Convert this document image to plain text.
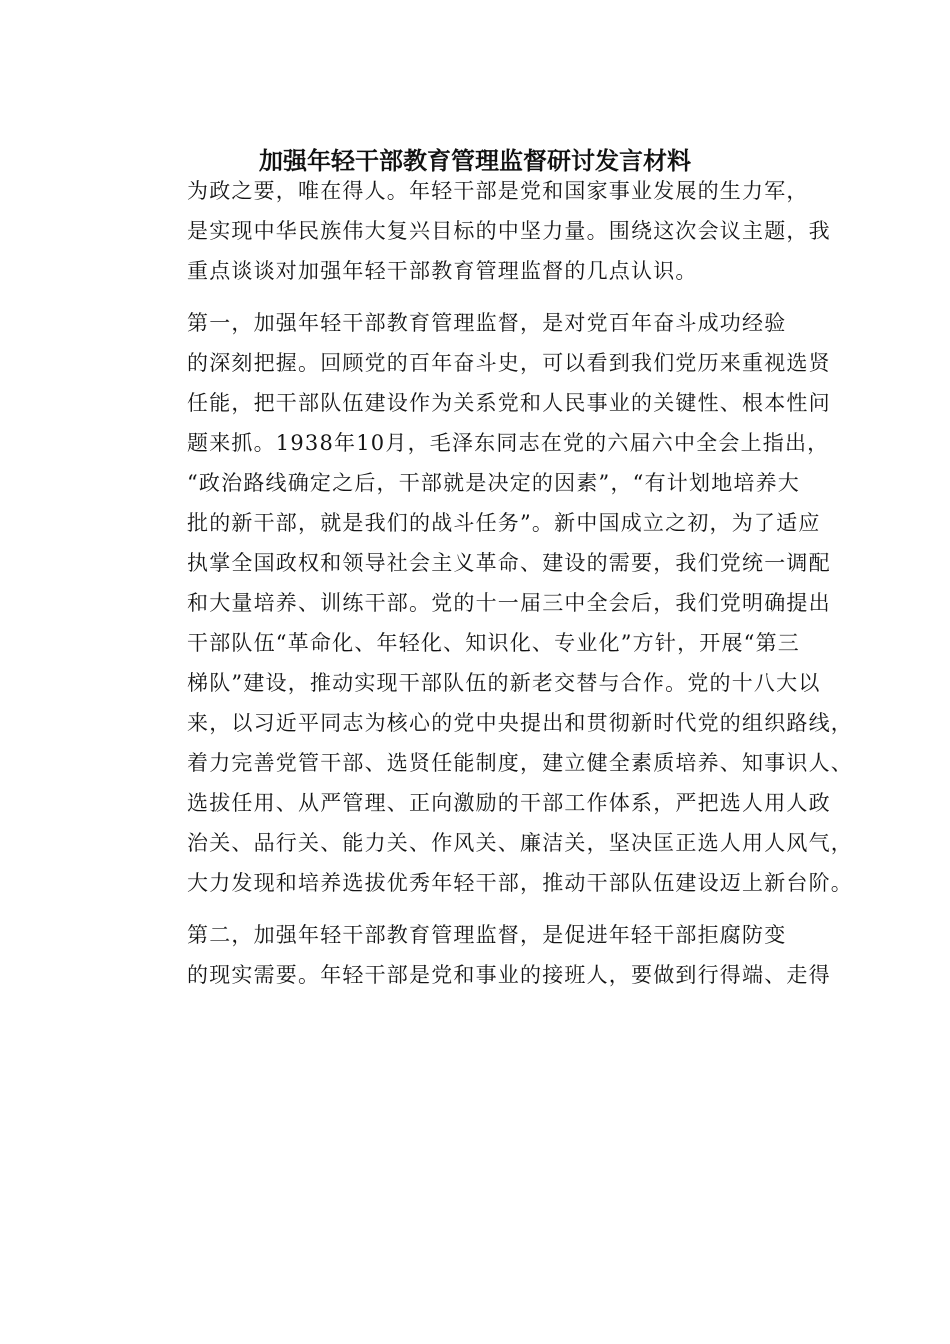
加强年轻干部教育管理监督研讨发言材料

为政之要，唯在得人。年轻干部是党和国家事业发展的生力军，
是实现中华民族伟大复兴目标的中坚力量。围绕这次会议主题，我
重点谈谈对加强年轻干部教育管理监督的几点认识。

第一，加强年轻干部教育管理监督，是对党百年奋斗成功经验
的深刻把握。回顾党的百年奋斗史，可以看到我们党历来重视选贤
任能，把干部队伍建设作为关系党和人民事业的关键性、根本性问
题来抓。1938年10月，毛泽东同志在党的六届六中全会上指出，
“政治路线确定之后，干部就是决定的因素”，“有计划地培养大
批的新干部，就是我们的战斗任务”。新中国成立之初，为了适应
执掌全国政权和领导社会主义革命、建设的需要，我们党统一调配
和大量培养、训练干部。党的十一届三中全会后，我们党明确提出
干部队伍“革命化、年轻化、知识化、专业化”方针，开展“第三
梯队”建设，推动实现干部队伍的新老交替与合作。党的十八大以
来，以习近平同志为核心的党中央提出和贯彻新时代党的组织路线，
着力完善党管干部、选贤任能制度，建立健全素质培养、知事识人、
选拔任用、从严管理、正向激励的干部工作体系，严把选人用人政
治关、品行关、能力关、作风关、廉洁关，坚决匡正选人用人风气，
大力发现和培养选拔优秀年轻干部，推动干部队伍建设迈上新台阶。

第二，加强年轻干部教育管理监督，是促进年轻干部拒腐防变
的现实需要。年轻干部是党和事业的接班人，要做到行得端、走得
